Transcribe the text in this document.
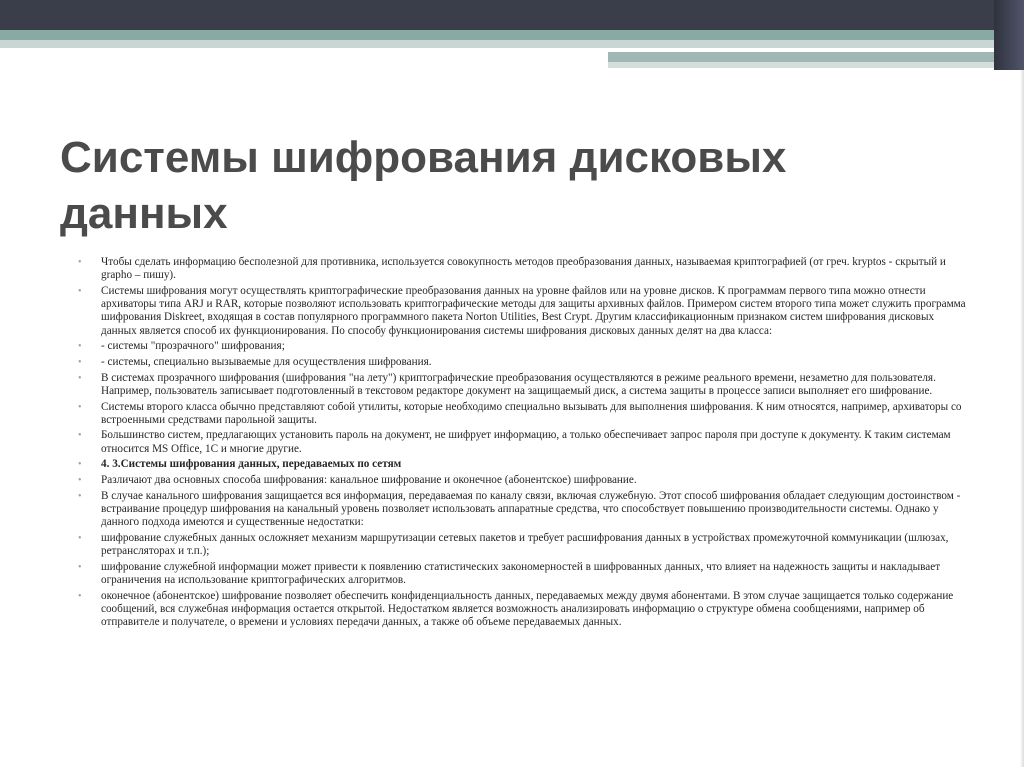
Системы шифрования дисковых данных
• Чтобы сделать информацию бесполезной для противника, используется совокупность методов преобразования данных, называемая криптографией (от греч. kryptos - скрытый и grapho – пишу).
• Системы шифрования могут осуществлять криптографические преобразования данных на уровне файлов или на уровне дисков. К программам первого типа можно отнести архиваторы типа ARJ и RAR, которые позволяют использовать криптографические методы для защиты архивных файлов. Примером систем второго типа может служить программа шифрования Diskreet, входящая в состав популярного программного пакета Norton Utilities, Best Crypt. Другим классификационным признаком систем шифрования дисковых данных является способ их функционирования. По способу функционирования системы шифрования дисковых данных делят на два класса:
• - системы "прозрачного" шифрования;
• - системы, специально вызываемые для осуществления шифрования.
• В системах прозрачного шифрования (шифрования "на лету") криптографические преобразования осуществляются в режиме реального времени, незаметно для пользователя. Например, пользователь записывает подготовленный в текстовом редакторе документ на защищаемый диск, а система защиты в процессе записи выполняет его шифрование.
• Системы второго класса обычно представляют собой утилиты, которые необходимо специально вызывать для выполнения шифрования. К ним относятся, например, архиваторы со встроенными средствами парольной защиты.
• Большинство систем, предлагающих установить пароль на документ, не шифрует информацию, а только обеспечивает запрос пароля при доступе к документу. К таким системам относится MS Office, 1C и многие другие.
• 4. 3.Системы шифрования данных, передаваемых по сетям
• Различают два основных способа шифрования: канальное шифрование и оконечное (абонентское) шифрование.
• В случае канального шифрования защищается вся информация, передаваемая по каналу связи, включая служебную. Этот способ шифрования обладает следующим достоинством - встраивание процедур шифрования на канальный уровень позволяет использовать аппаратные средства, что способствует повышению производительности системы. Однако у данного подхода имеются и существенные недостатки:
• шифрование служебных данных осложняет механизм маршрутизации сетевых пакетов и требует расшифрования данных в устройствах промежуточной коммуникации (шлюзах, ретрансляторах и т.п.);
• шифрование служебной информации может привести к появлению статистических закономерностей в шифрованных данных, что влияет на надежность защиты и накладывает ограничения на использование криптографических алгоритмов.
• оконечное (абонентское) шифрование позволяет обеспечить конфиденциальность данных, передаваемых между двумя абонентами. В этом случае защищается только содержание сообщений, вся служебная информация остается открытой. Недостатком является возможность анализировать информацию о структуре обмена сообщениями, например об отправителе и получателе, о времени и условиях передачи данных, а также об объеме передаваемых данных.
